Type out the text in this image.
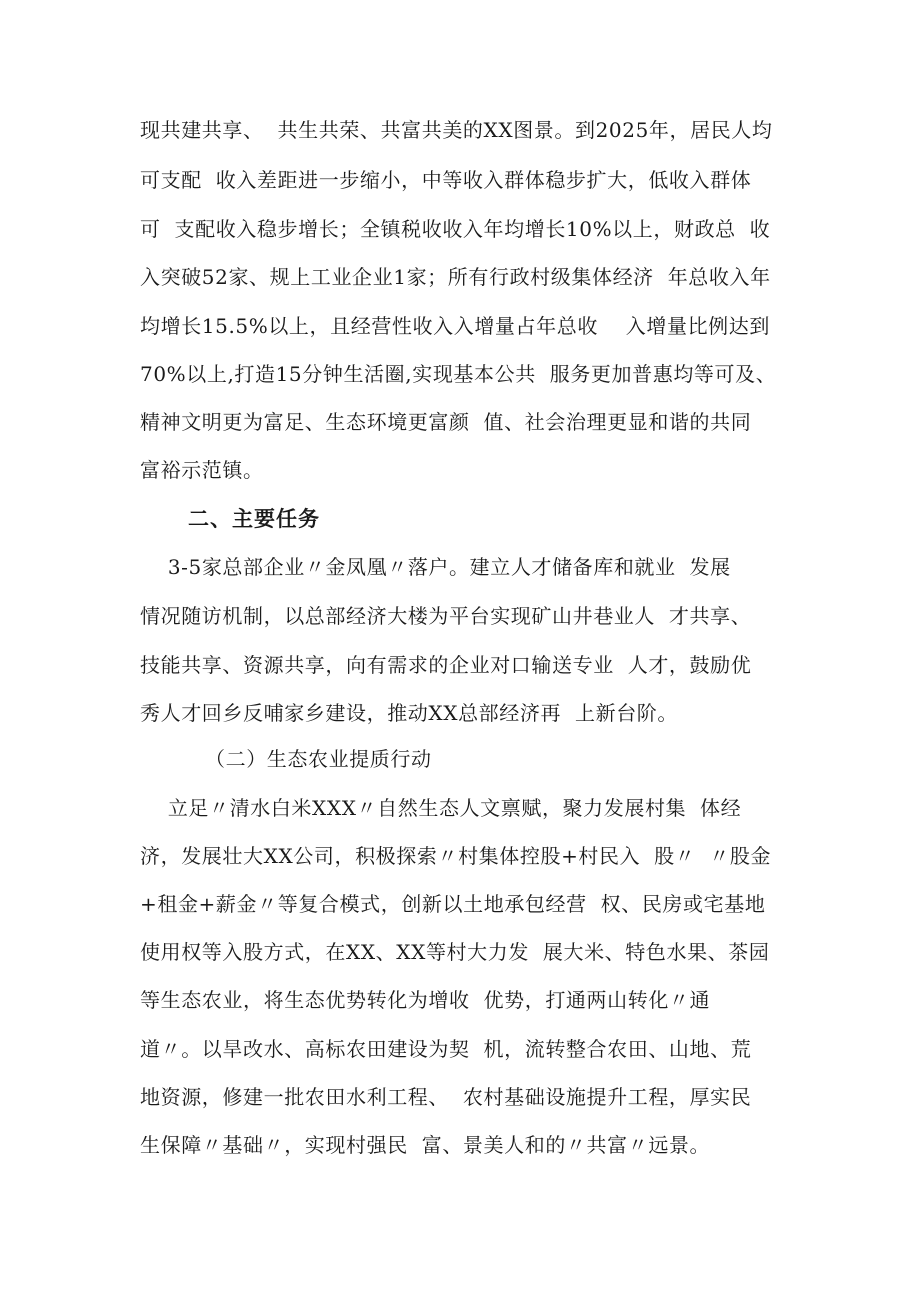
现共建共享、  共生共荣、共富共美的XX图景。到2025年，居民人均
可支配  收入差距进一步缩小，中等收入群体稳步扩大，低收入群体
可  支配收入稳步增长；全镇税收收入年均增长10%以上，财政总  收
入突破52家、规上工业企业1家；所有行政村级集体经济  年总收入年
均增长15.5%以上，且经营性收入入增量占年总收    入增量比例达到
70%以上,打造15分钟生活圈,实现基本公共  服务更加普惠均等可及、
精神文明更为富足、生态环境更富颜  值、社会治理更显和谐的共同
富裕示范镇。
二、主要任务
3-5家总部企业〃金凤凰〃落户。建立人才储备库和就业  发展
情况随访机制，以总部经济大楼为平台实现矿山井巷业人  才共享、
技能共享、资源共享，向有需求的企业对口输送专业  人才，鼓励优
秀人才回乡反哺家乡建设，推动XX总部经济再  上新台阶。
（二）生态农业提质行动
立足〃清水白米XXX〃自然生态人文禀赋，聚力发展村集  体经
济，发展壮大XX公司，积极探索〃村集体控股+村民入  股〃  〃股金
+租金+薪金〃等复合模式，创新以土地承包经营  权、民房或宅基地
使用权等入股方式，在XX、XX等村大力发  展大米、特色水果、茶园
等生态农业，将生态优势转化为增收  优势，打通两山转化〃通
道〃。以旱改水、高标农田建设为契  机，流转整合农田、山地、荒
地资源，修建一批农田水利工程、  农村基础设施提升工程，厚实民
生保障〃基础〃，实现村强民  富、景美人和的〃共富〃远景。
